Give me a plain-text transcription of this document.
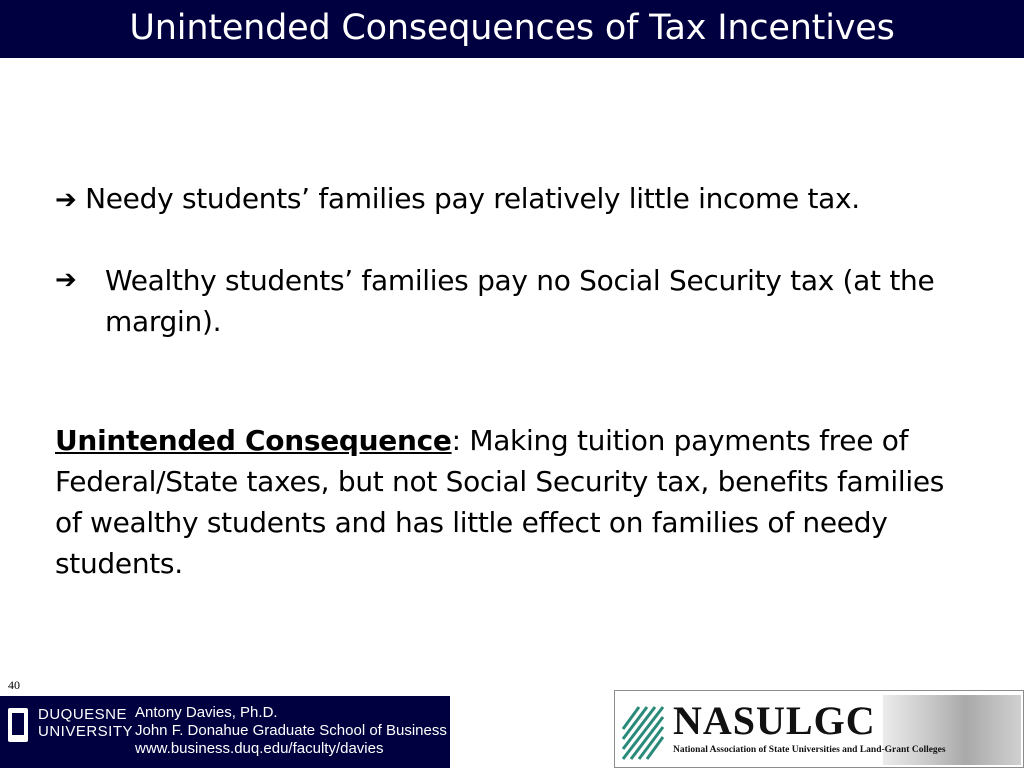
Unintended Consequences of Tax Incentives
➔ Needy students’ families pay relatively little income tax.
➔ Wealthy students’ families pay no Social Security tax (at the margin).
Unintended Consequence: Making tuition payments free of Federal/State taxes, but not Social Security tax, benefits families of wealthy students and has little effect on families of needy students.
40
DUQUESNE
UNIVERSITY
Antony Davies, Ph.D.
John F. Donahue Graduate School of Business
www.business.duq.edu/faculty/davies
NASULGC
National Association of State Universities and Land-Grant Colleges
